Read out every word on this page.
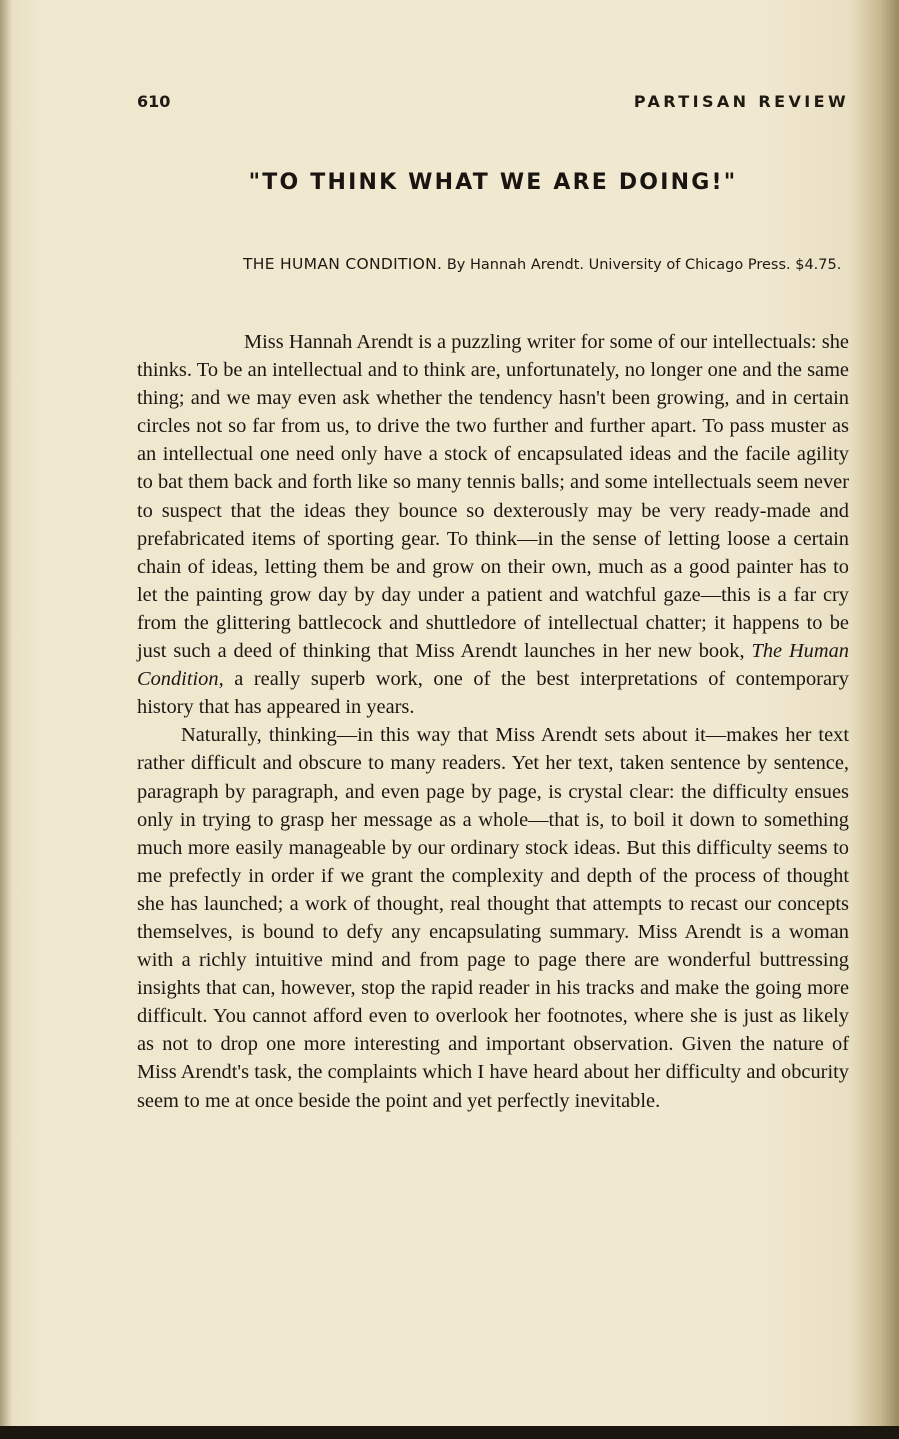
610	PARTISAN REVIEW
"TO THINK WHAT WE ARE DOING!"
THE HUMAN CONDITION. By Hannah Arendt. University of Chicago Press. $4.75.

Miss Hannah Arendt is a puzzling writer for some of our intellectuals: she thinks. To be an intellectual and to think are, unfortunately, no longer one and the same thing; and we may even ask whether the tendency hasn't been growing, and in certain circles not so far from us, to drive the two further and further apart. To pass muster as an intellectual one need only have a stock of encapsulated ideas and the facile agility to bat them back and forth like so many tennis balls; and some intellectuals seem never to suspect that the ideas they bounce so dexterously may be very ready-made and prefabricated items of sporting gear. To think—in the sense of letting loose a certain chain of ideas, letting them be and grow on their own, much as a good painter has to let the painting grow day by day under a patient and watchful gaze—this is a far cry from the glittering battlecock and shuttledore of intellectual chatter; it happens to be just such a deed of thinking that Miss Arendt launches in her new book, The Human Condition, a really superb work, one of the best interpretations of contemporary history that has appeared in years.

Naturally, thinking—in this way that Miss Arendt sets about it—makes her text rather difficult and obscure to many readers. Yet her text, taken sentence by sentence, paragraph by paragraph, and even page by page, is crystal clear: the difficulty ensues only in trying to grasp her message as a whole—that is, to boil it down to something much more easily manageable by our ordinary stock ideas. But this difficulty seems to me prefectly in order if we grant the complexity and depth of the process of thought she has launched; a work of thought, real thought that attempts to recast our concepts themselves, is bound to defy any encapsulating summary. Miss Arendt is a woman with a richly intuitive mind and from page to page there are wonderful buttressing insights that can, however, stop the rapid reader in his tracks and make the going more difficult. You cannot afford even to overlook her footnotes, where she is just as likely as not to drop one more interesting and important observation. Given the nature of Miss Arendt's task, the complaints which I have heard about her difficulty and obcurity seem to me at once beside the point and yet perfectly inevitable.
